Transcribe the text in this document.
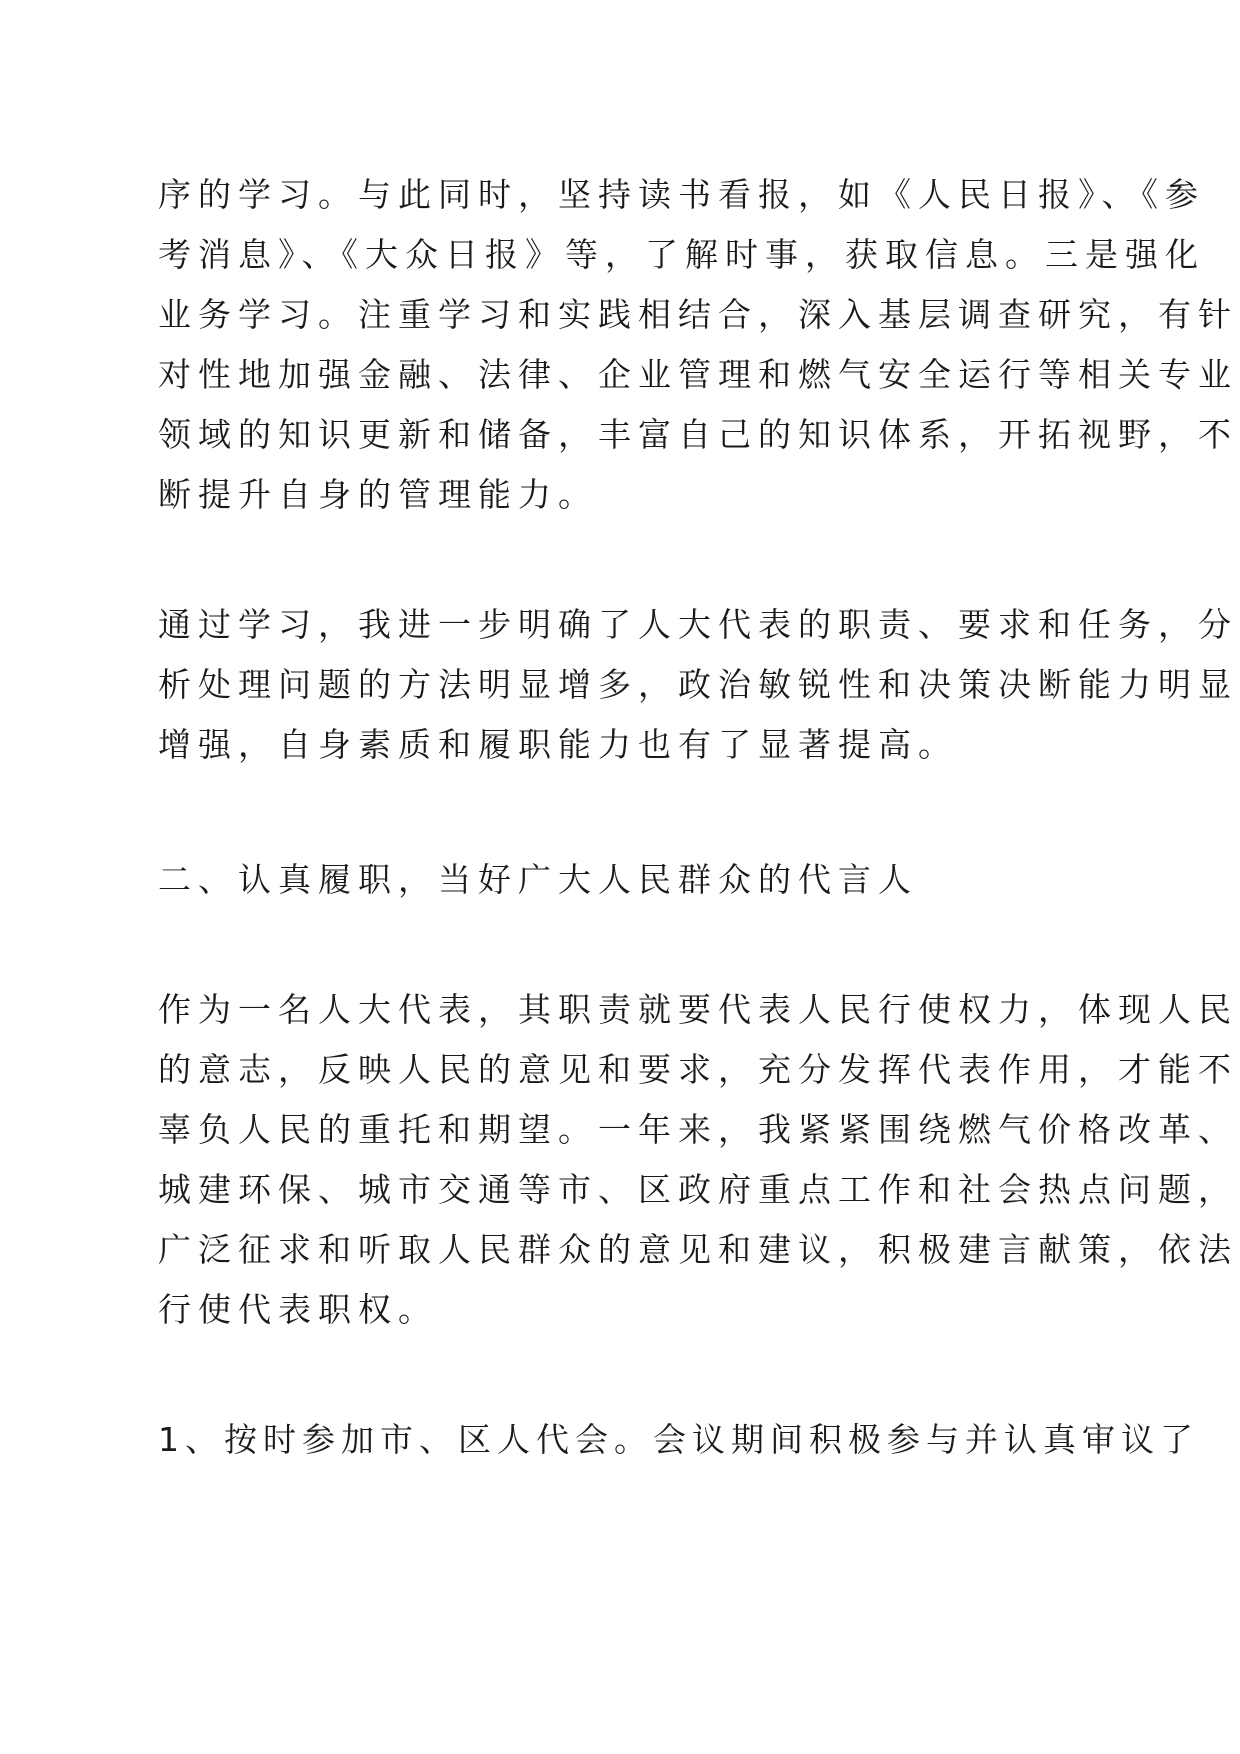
序的学习。与此同时，坚持读书看报，如《人民日报》、《参
考消息》、《大众日报》等，了解时事，获取信息。三是强化
业务学习。注重学习和实践相结合，深入基层调查研究，有针
对性地加强金融、法律、企业管理和燃气安全运行等相关专业
领域的知识更新和储备，丰富自己的知识体系，开拓视野，不
断提升自身的管理能力。
通过学习，我进一步明确了人大代表的职责、要求和任务，分
析处理问题的方法明显增多，政治敏锐性和决策决断能力明显
增强，自身素质和履职能力也有了显著提高。
二、认真履职，当好广大人民群众的代言人
作为一名人大代表，其职责就要代表人民行使权力，体现人民
的意志，反映人民的意见和要求，充分发挥代表作用，才能不
辜负人民的重托和期望。一年来，我紧紧围绕燃气价格改革、
城建环保、城市交通等市、区政府重点工作和社会热点问题，
广泛征求和听取人民群众的意见和建议，积极建言献策，依法
行使代表职权。
1、按时参加市、区人代会。会议期间积极参与并认真审议了
